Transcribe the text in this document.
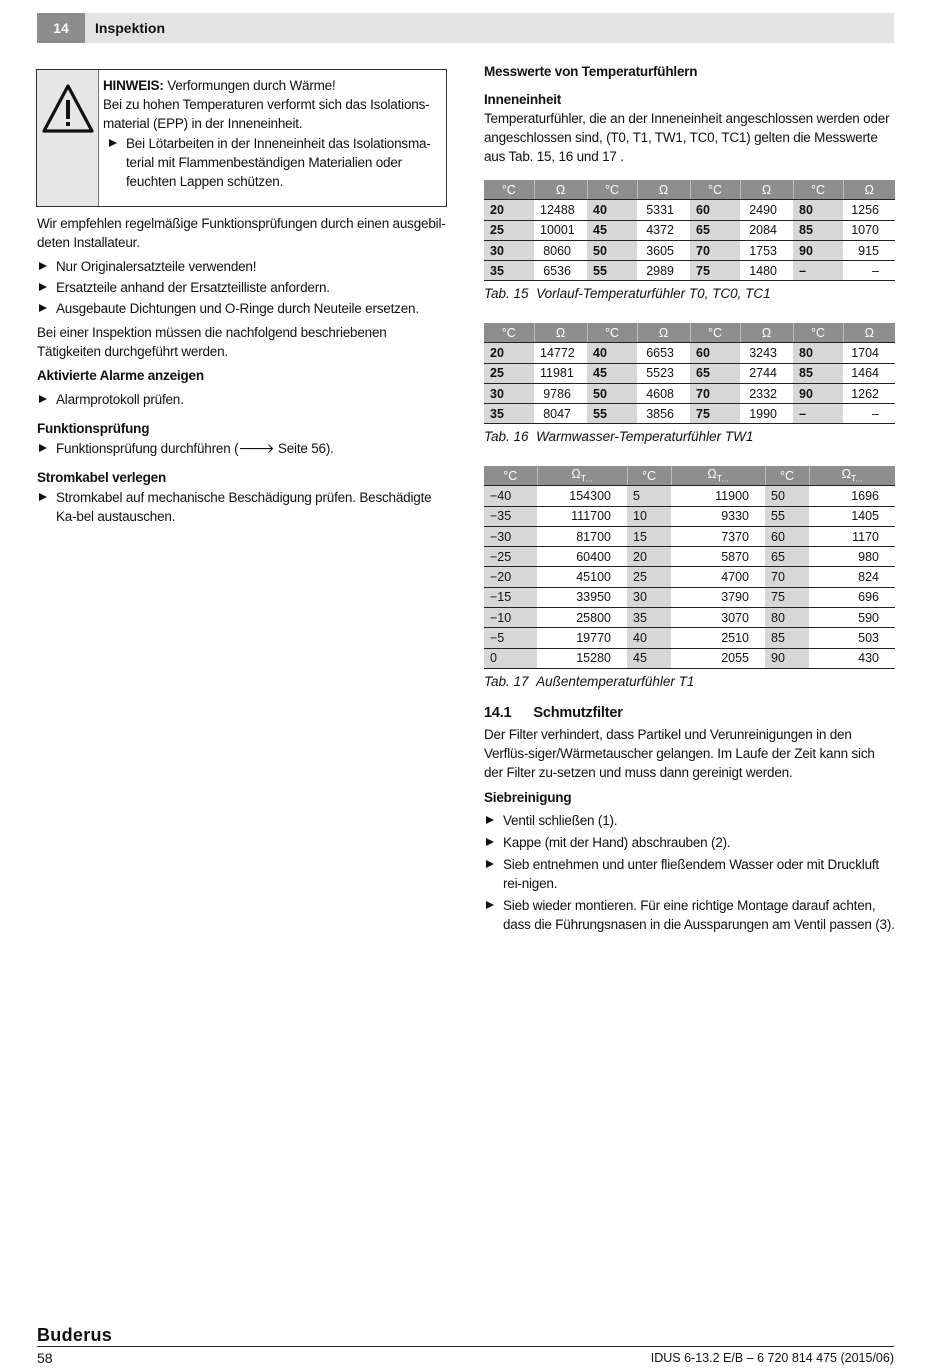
14	Inspektion

HINWEIS: Verformungen durch Wärme!

Bei zu hohen Temperaturen verformt sich das Isolations-material (EPP) in der Inneneinheit.

Bei Lötarbeiten in der Inneneinheit das Isolationsma-terial mit Flammenbeständigen Materialien oder feuchten Lappen schützen.

Wir empfehlen regelmäßige Funktionsprüfungen durch einen ausgebil-deten Installateur.

Nur Originalersatzteile verwenden!

Ersatzteile anhand der Ersatzteilliste anfordern.

Ausgebaute Dichtungen und O-Ringe durch Neuteile ersetzen.

Bei einer Inspektion müssen die nachfolgend beschriebenen Tätigkeiten durchgeführt werden.

Aktivierte Alarme anzeigen

Alarmprotokoll prüfen.

Funktionsprüfung

Funktionsprüfung durchführen (🡒 Seite 56).

Stromkabel verlegen

Stromkabel auf mechanische Beschädigung prüfen. Beschädigte Ka-bel austauschen.

Messwerte von Temperaturfühlern

Inneneinheit

Temperaturfühler, die an der Inneneinheit angeschlossen werden oder angeschlossen sind, (T0, T1, TW1, TC0, TC1) gelten die Messwerte aus Tab. 15, 16 und 17 .

°C	Ω	°C	Ω	°C	Ω	°C	Ω
20	12488	40	5331	60	2490	80	1256
25	10001	45	4372	65	2084	85	1070
30	8060	50	3605	70	1753	90	915
35	6536	55	2989	75	1480	–	–
Tab. 15 Vorlauf-Temperaturfühler T0, TC0, TC1
°C	Ω	°C	Ω	°C	Ω	°C	Ω
20	14772	40	6653	60	3243	80	1704
25	11981	45	5523	65	2744	85	1464
30	9786	50	4608	70	2332	90	1262
35	8047	55	3856	75	1990	–	–
Tab. 16 Warmwasser-Temperaturfühler TW1
°C	$\Omega_{T...}$	°C	$\Omega_{T...}$	°C	$\Omega_{T...}$
−40	154300	5	11900	50	1696
−35	111700	10	9330	55	1405
−30	81700	15	7370	60	1170
−25	60400	20	5870	65	980
−20	45100	25	4700	70	824
−15	33950	30	3790	75	696
−10	25800	35	3070	80	590
−5	19770	40	2510	85	503
0	15280	45	2055	90	430
Tab. 17 Außentemperaturfühler T1

14.1 Schmutzfilter

Der Filter verhindert, dass Partikel und Verunreinigungen in den Verflüs-siger/Wärmetauscher gelangen. Im Laufe der Zeit kann sich der Filter zu-setzen und muss dann gereinigt werden.

Siebreinigung

Ventil schließen (1).

Kappe (mit der Hand) abschrauben (2).

Sieb entnehmen und unter fließendem Wasser oder mit Druckluft rei-nigen.

Sieb wieder montieren. Für eine richtige Montage darauf achten, dass die Führungsnasen in die Aussparungen am Ventil passen (3).

Buderus
58	IDUS 6-13.2 E/B – 6 720 814 475 (2015/06)
